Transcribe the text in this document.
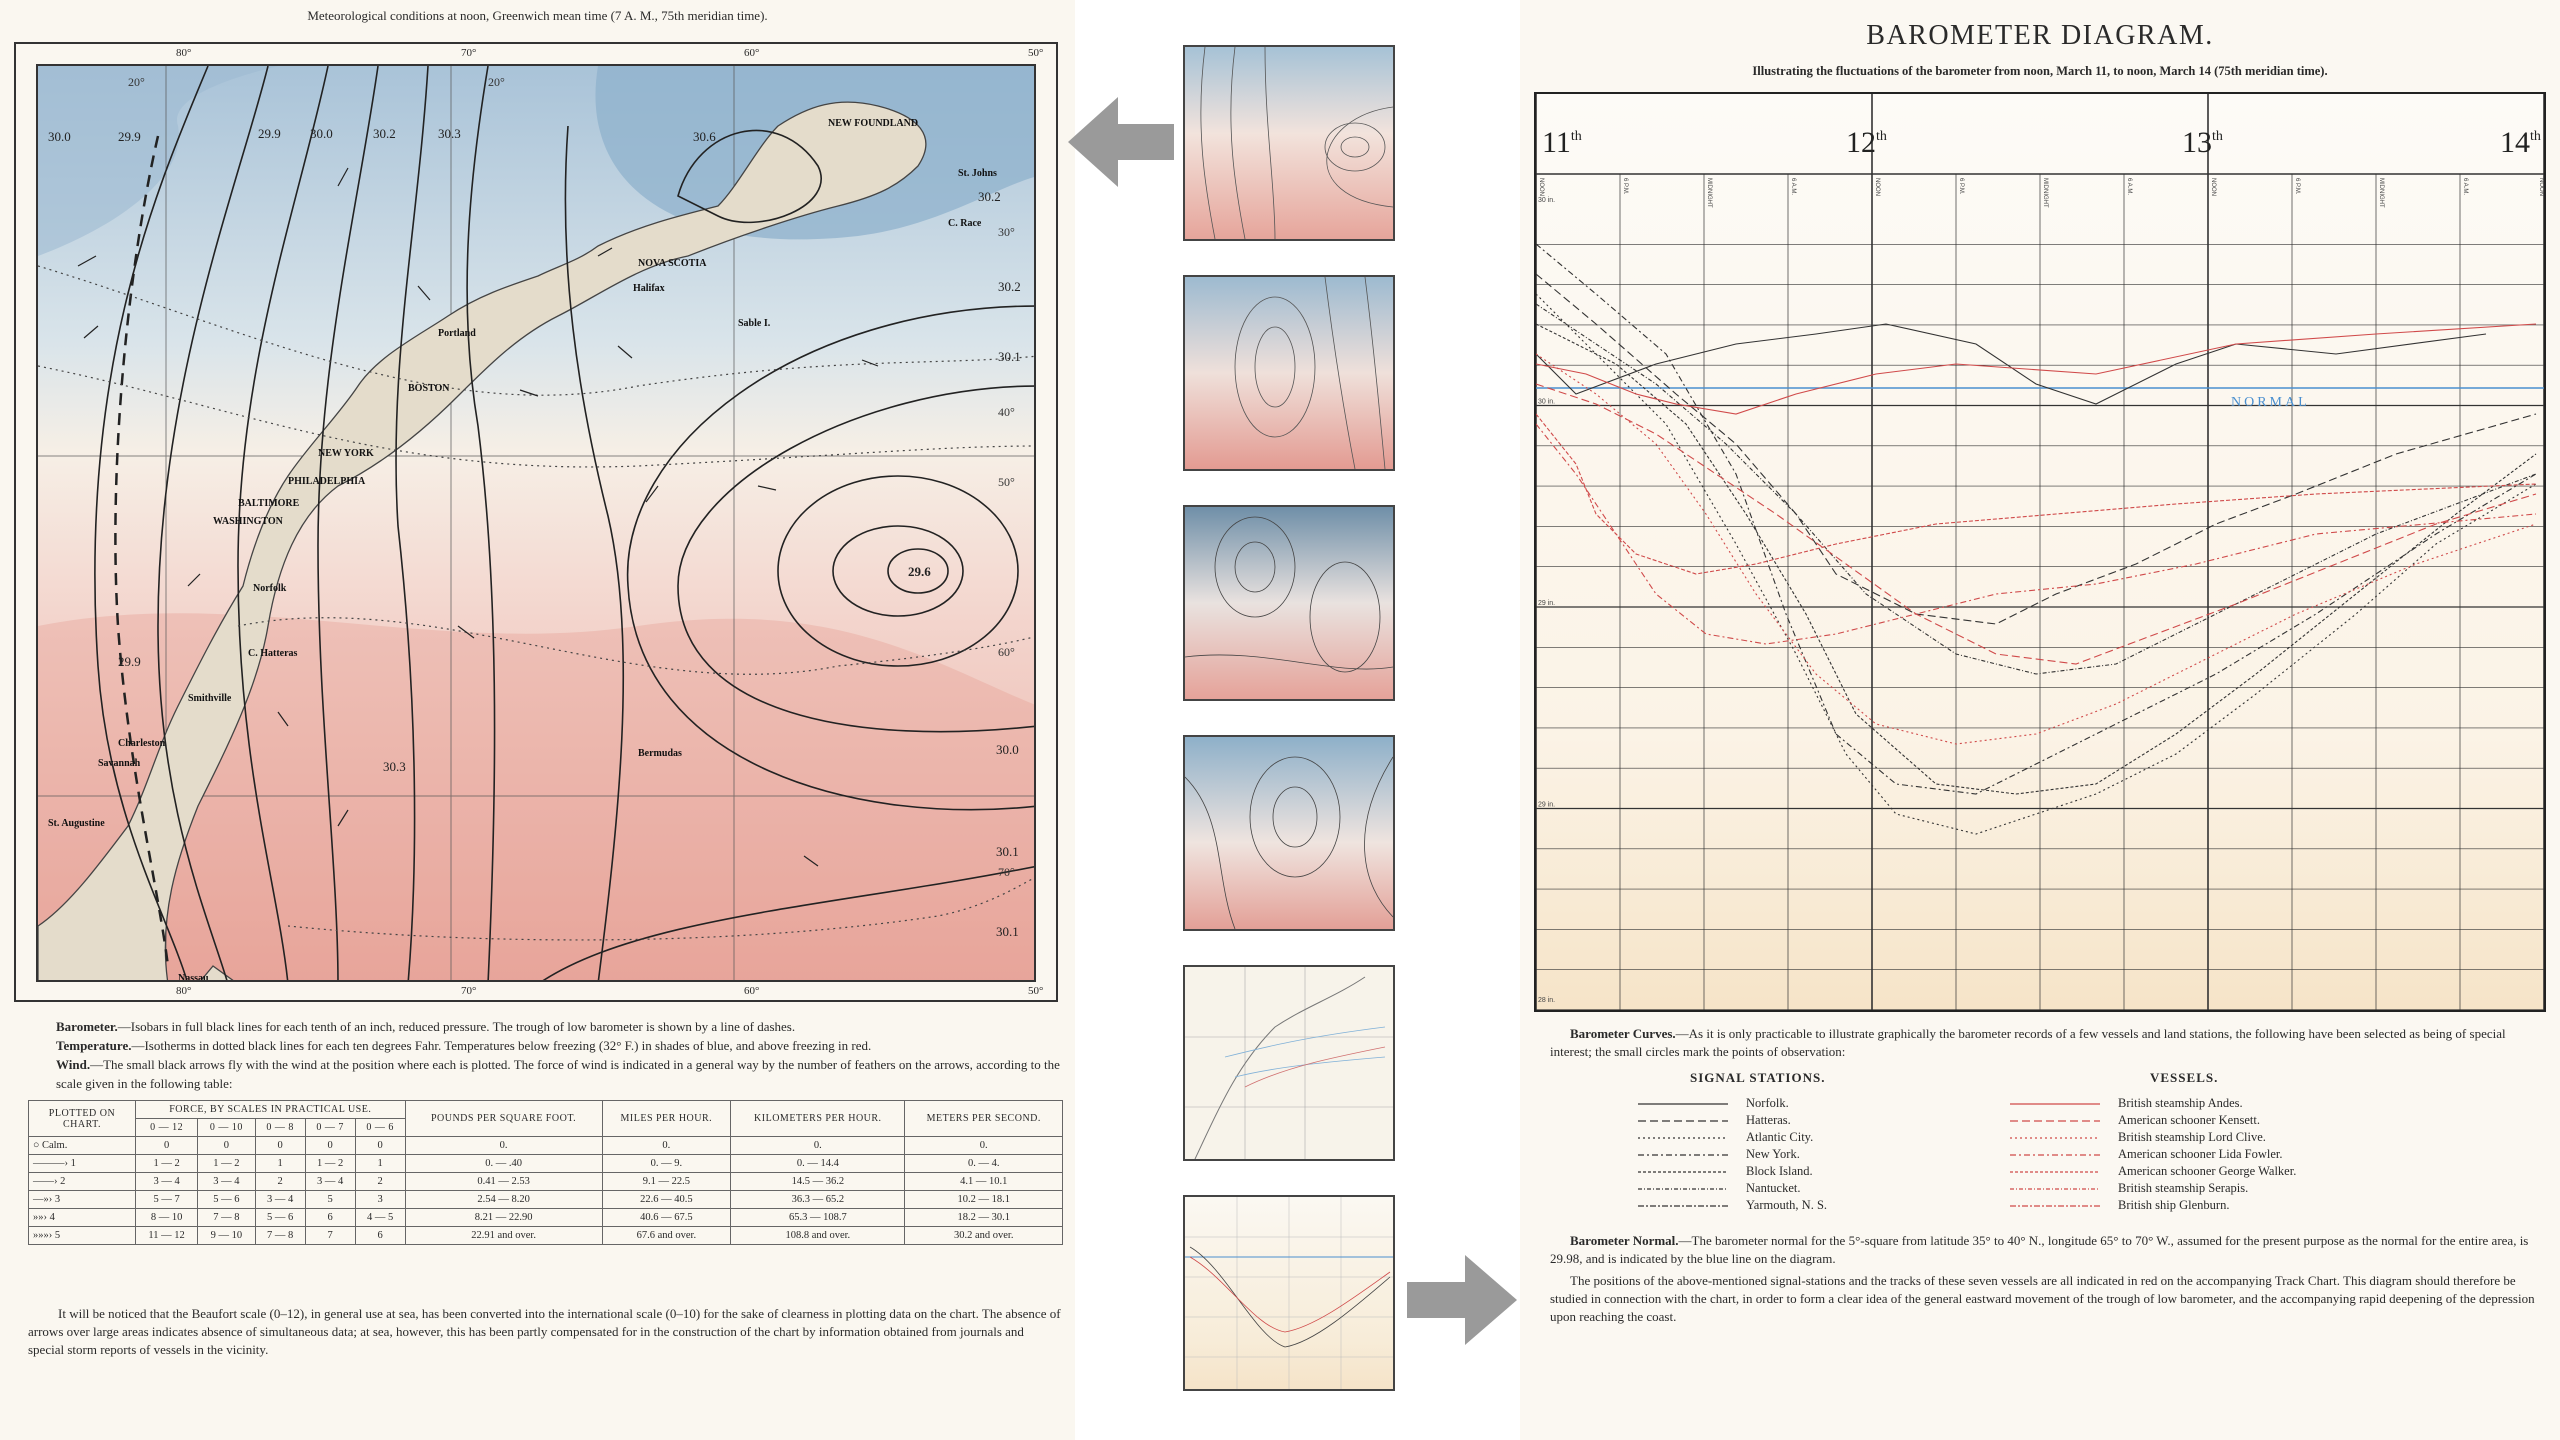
Meteorological conditions at noon, Greenwich mean time (7 A. M., 75th meridian time).
80°	70°	60°	50°
80°	70°	60°	50°
30.0	29.9	29.9 30.0	30.2	30.3	30.6
30.2
30.2
30.1
29.6
29.9
30.3
30.0
30.1
30.1
20°	20°
30°
40°
50°
60°
70°
NEW FOUNDLAND
St. Johns
C. Race
NOVA SCOTIA
Halifax
Sable I.
Portland
BOSTON
NEW YORK
PHILADELPHIA
BALTIMORE
WASHINGTON
Norfolk
C. Hatteras
Smithville
Charleston
Savannah
St. Augustine
Bermudas
Nassau
Barometer.—Isobars in full black lines for each tenth of an inch, reduced pressure. The trough of low barometer is shown by a line of dashes.
Temperature.—Isotherms in dotted black lines for each ten degrees Fahr. Temperatures below freezing (32° F.) in shades of blue, and above freezing in red.
Wind.—The small black arrows fly with the wind at the position where each is plotted. The force of wind is indicated in a general way by the number of feathers on the arrows, according to the scale given in the following table:
PLOTTED ON CHART.	FORCE, BY SCALES IN PRACTICAL USE.					POUNDS PER SQUARE FOOT.	MILES PER HOUR.	KILOMETERS PER HOUR.	METERS PER SECOND.
	0 — 12	0 — 10	0 — 8	0 — 7	0 — 6				
○ Calm.	0	0	0	0	0	0.	0.	0.	0.
———› 1	1 — 2	1 — 2	1	1 — 2	1	0. — .40	0. — 9.	0. — 14.4	0. — 4.
——› 2	3 — 4	3 — 4	2	3 — 4	2	0.41 — 2.53	9.1 — 22.5	14.5 — 36.2	4.1 — 10.1
—»› 3	5 — 7	5 — 6	3 — 4	5	3	2.54 — 8.20	22.6 — 40.5	36.3 — 65.2	10.2 — 18.1
»»› 4	8 — 10	7 — 8	5 — 6	6	4 — 5	8.21 — 22.90	40.6 — 67.5	65.3 — 108.7	18.2 — 30.1
»»»› 5	11 — 12	9 — 10	7 — 8	7	6	22.91 and over.	67.6 and over.	108.8 and over.	30.2 and over.
It will be noticed that the Beaufort scale (0–12), in general use at sea, has been converted into the international scale (0–10) for the sake of clearness in plotting data on the chart. The absence of arrows over large areas indicates absence of simultaneous data; at sea, however, this has been partly compensated for in the construction of the chart by information obtained from journals and special storm reports of vessels in the vicinity.
BAROMETER DIAGRAM.
Illustrating the fluctuations of the barometer from noon, March 11, to noon, March 14 (75th meridian time).
11th	12th	13th	14th
NOON	6 P.M.	MIDNIGHT	6 A.M.	NOON	6 P.M.	MIDNIGHT	6 A.M.	NOON	6 P.M.	MIDNIGHT	6 A.M.	NOON
30 in.
30 in.
29 in.
29 in.
28 in.
NORMAL
Barometer Curves.—As it is only practicable to illustrate graphically the barometer records of a few vessels and land stations, the following have been selected as being of special interest; the small circles mark the points of observation:
SIGNAL STATIONS.	VESSELS.
Norfolk.
Hatteras.
Atlantic City.
New York.
Block Island.
Nantucket.
Yarmouth, N. S.
British steamship Andes.
American schooner Kensett.
British steamship Lord Clive.
American schooner Lida Fowler.
American schooner George Walker.
British steamship Serapis.
British ship Glenburn.
Barometer Normal.—The barometer normal for the 5°-square from latitude 35° to 40° N., longitude 65° to 70° W., assumed for the present purpose as the normal for the entire area, is 29.98, and is indicated by the blue line on the diagram.
The positions of the above-mentioned signal-stations and the tracks of these seven vessels are all indicated in red on the accompanying Track Chart. This diagram should therefore be studied in connection with the chart, in order to form a clear idea of the general eastward movement of the trough of low barometer, and the accompanying rapid deepening of the depression upon reaching the coast.
